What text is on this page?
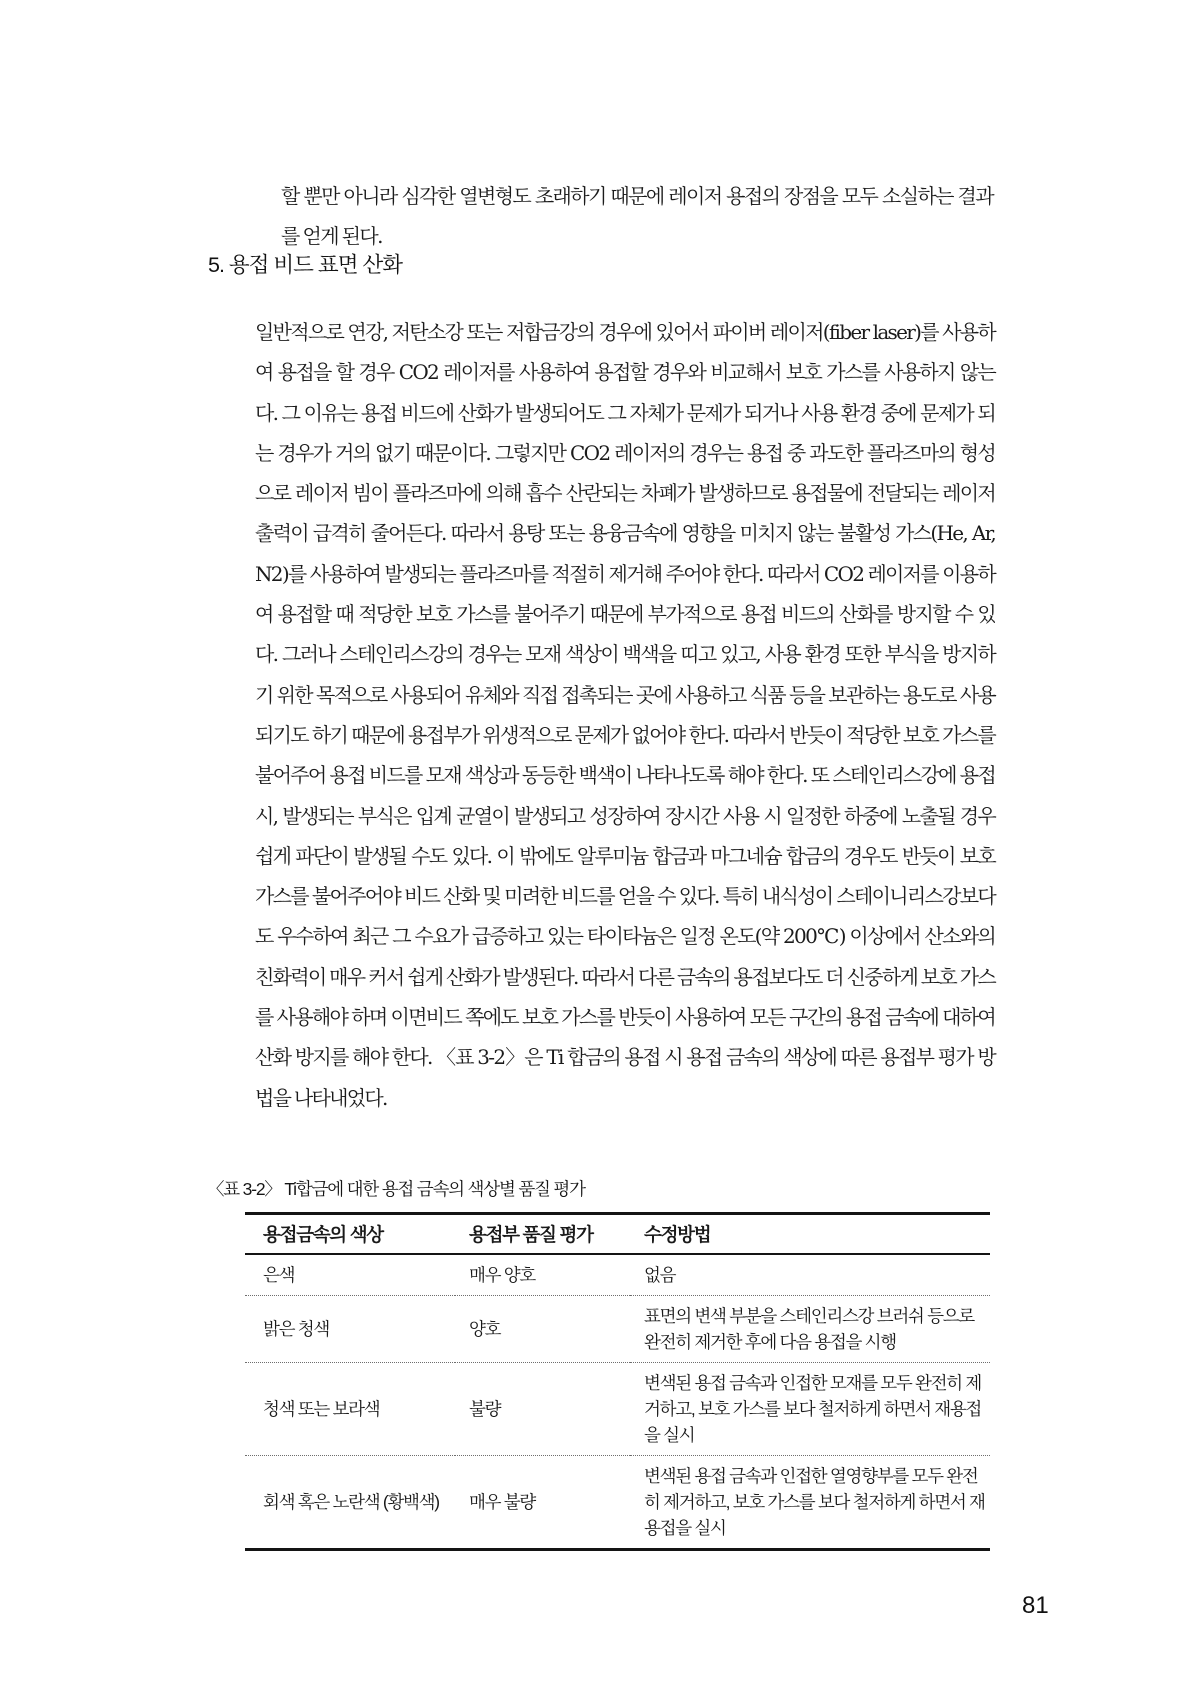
할 뿐만 아니라 심각한 열변형도 초래하기 때문에 레이저 용접의 장점을 모두 소실하는 결과를 얻게 된다.

5. 용접 비드 표면 산화

일반적으로 연강, 저탄소강 또는 저합금강의 경우에 있어서 파이버 레이저(fiber laser)를 사용하여 용접을 할 경우 CO2 레이저를 사용하여 용접할 경우와 비교해서 보호 가스를 사용하지 않는다. 그 이유는 용접 비드에 산화가 발생되어도 그 자체가 문제가 되거나 사용 환경 중에 문제가 되는 경우가 거의 없기 때문이다. 그렇지만 CO2 레이저의 경우는 용접 중 과도한 플라즈마의 형성으로 레이저 빔이 플라즈마에 의해 흡수 산란되는 차폐가 발생하므로 용접물에 전달되는 레이저 출력이 급격히 줄어든다. 따라서 용탕 또는 용융금속에 영향을 미치지 않는 불활성 가스(He, Ar, N2)를 사용하여 발생되는 플라즈마를 적절히 제거해 주어야 한다. 따라서 CO2 레이저를 이용하여 용접할 때 적당한 보호 가스를 불어주기 때문에 부가적으로 용접 비드의 산화를 방지할 수 있다. 그러나 스테인리스강의 경우는 모재 색상이 백색을 띠고 있고, 사용 환경 또한 부식을 방지하기 위한 목적으로 사용되어 유체와 직접 접촉되는 곳에 사용하고 식품 등을 보관하는 용도로 사용되기도 하기 때문에 용접부가 위생적으로 문제가 없어야 한다. 따라서 반듯이 적당한 보호 가스를 불어주어 용접 비드를 모재 색상과 동등한 백색이 나타나도록 해야 한다. 또 스테인리스강에 용접 시, 발생되는 부식은 입계 균열이 발생되고 성장하여 장시간 사용 시 일정한 하중에 노출될 경우 쉽게 파단이 발생될 수도 있다. 이 밖에도 알루미늄 합금과 마그네슘 합금의 경우도 반듯이 보호 가스를 불어주어야 비드 산화 및 미려한 비드를 얻을 수 있다. 특히 내식성이 스테이니리스강보다도 우수하여 최근 그 수요가 급증하고 있는 타이타늄은 일정 온도(약 200℃) 이상에서 산소와의 친화력이 매우 커서 쉽게 산화가 발생된다. 따라서 다른 금속의 용접보다도 더 신중하게 보호 가스를 사용해야 하며 이면비드 쪽에도 보호 가스를 반듯이 사용하여 모든 구간의 용접 금속에 대하여 산화 방지를 해야 한다. 〈표 3-2〉은 Ti 합금의 용접 시 용접 금속의 색상에 따른 용접부 평가 방법을 나타내었다.

〈표 3-2〉 Ti합금에 대한 용접 금속의 색상별 품질 평가
용접금속의 색상	용접부 품질 평가	수정방법
은색	매우 양호	없음
밝은 청색	양호	표면의 변색 부분을 스테인리스강 브러쉬 등으로 완전히 제거한 후에 다음 용접을 시행
청색 또는 보라색	불량	변색된 용접 금속과 인접한 모재를 모두 완전히 제거하고, 보호 가스를 보다 철저하게 하면서 재용접을 실시
회색 혹은 노란색 (황백색)	매우 불량	변색된 용접 금속과 인접한 열영향부를 모두 완전히 제거하고, 보호 가스를 보다 철저하게 하면서 재용접을 실시
81
